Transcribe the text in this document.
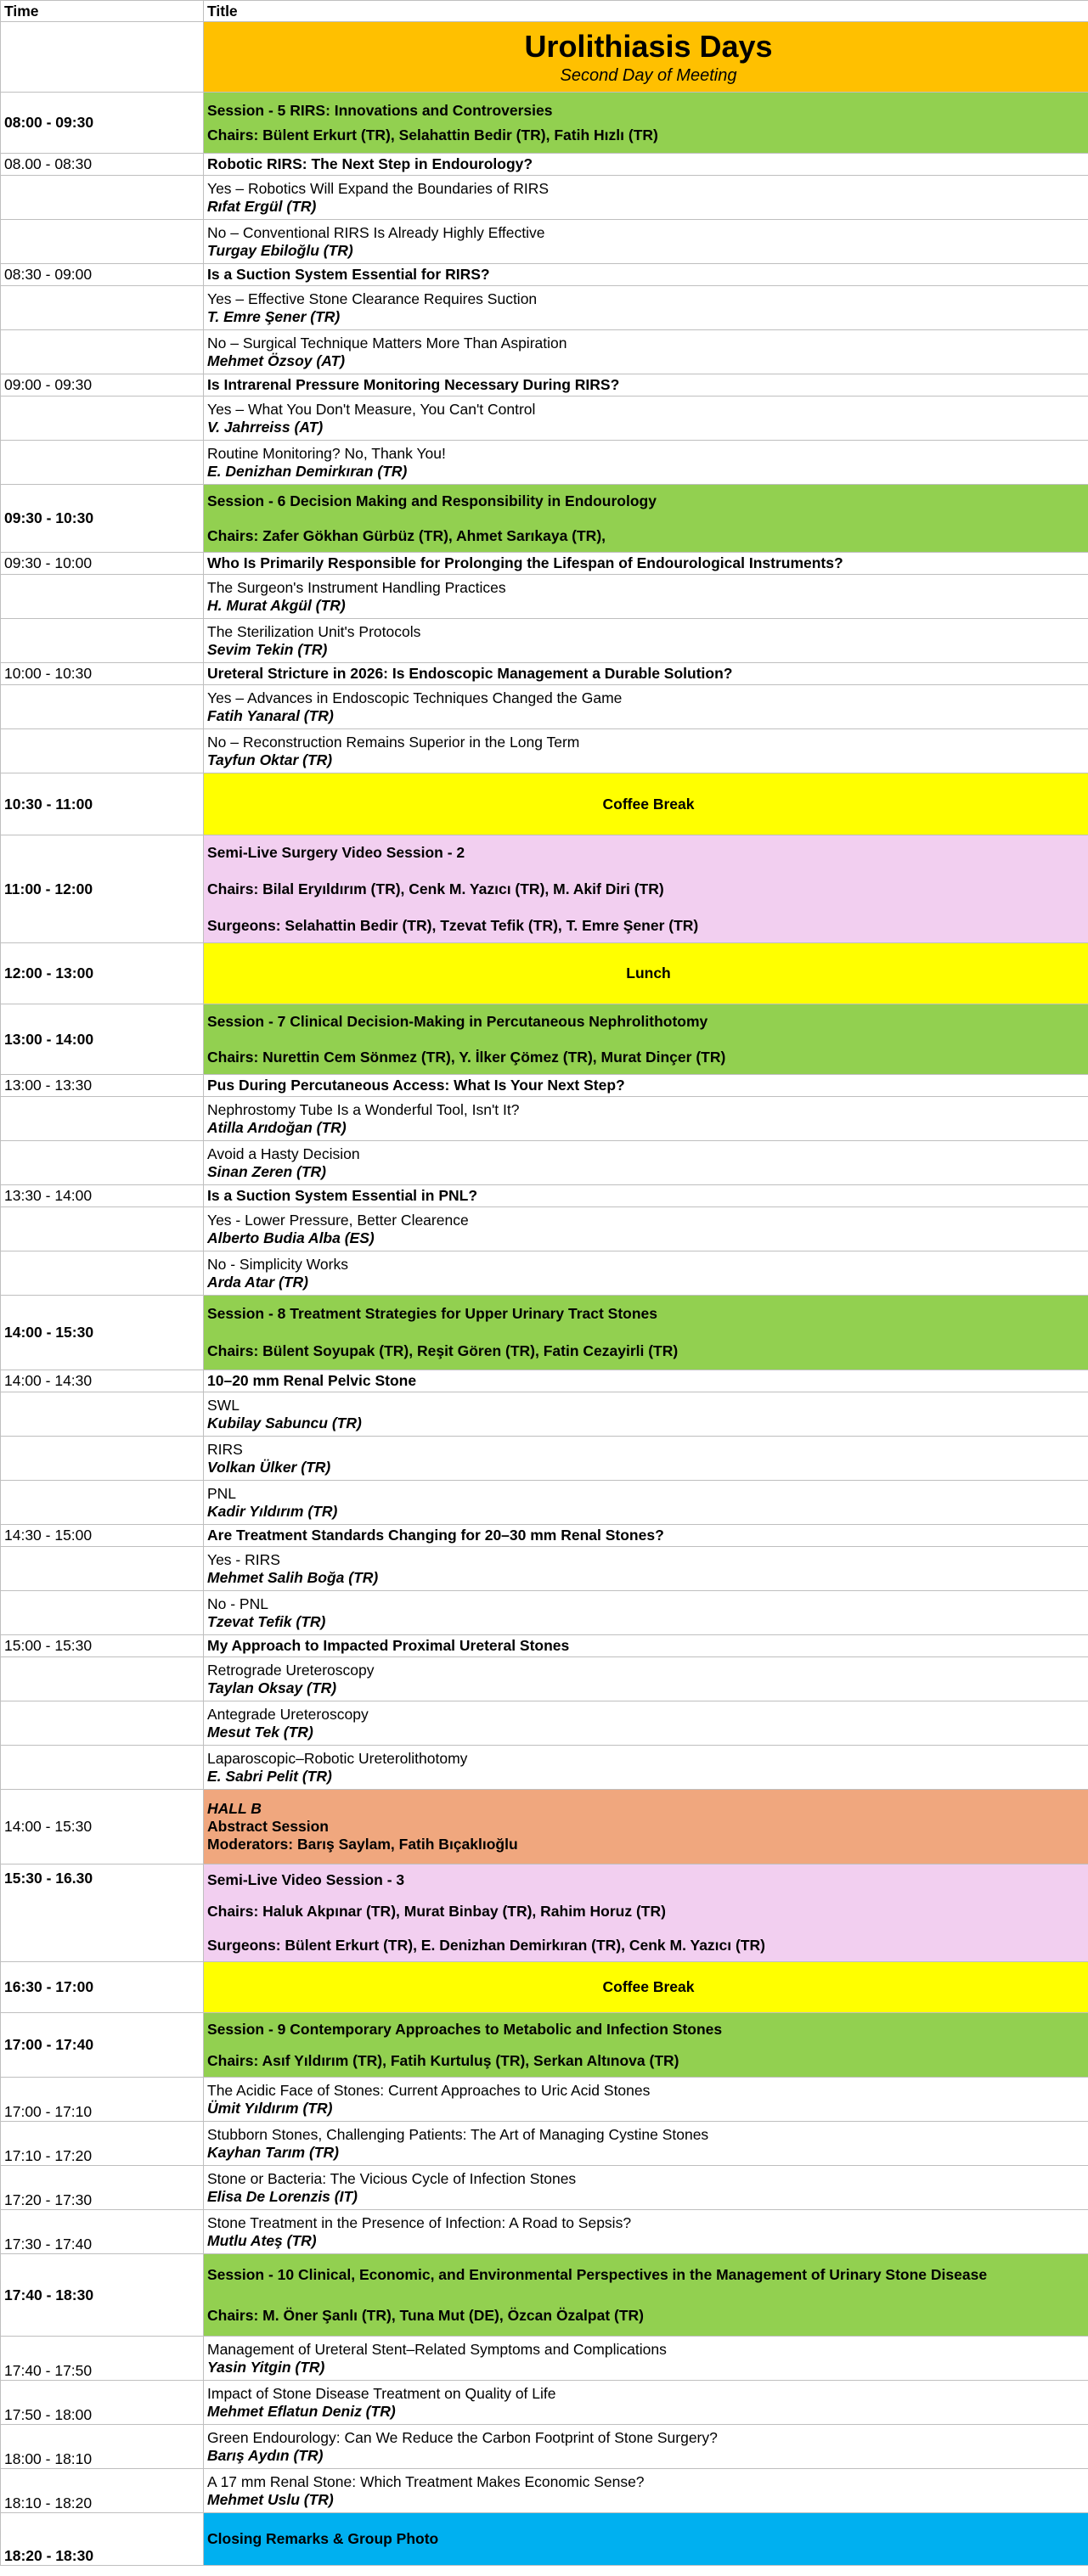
Time	Title

	Urolithiasis Days
Second Day of Meeting

08:00 - 09:30	Session - 5 RIRS: Innovations and Controversies
Chairs: Bülent Erkurt (TR), Selahattin Bedir (TR), Fatih Hızlı (TR)

08.00 - 08:30	Robotic RIRS: The Next Step in Endourology?

	Yes – Robotics Will Expand the Boundaries of RIRS
Rıfat Ergül (TR)

	No – Conventional RIRS Is Already Highly Effective
Turgay Ebiloğlu (TR)

08:30 - 09:00	Is a Suction System Essential for RIRS?

	Yes – Effective Stone Clearance Requires Suction
T. Emre Şener (TR)

	No – Surgical Technique Matters More Than Aspiration
Mehmet Özsoy (AT)

09:00 - 09:30	Is Intrarenal Pressure Monitoring Necessary During RIRS?

	Yes – What You Don't Measure, You Can't Control
V. Jahrreiss (AT)

	Routine Monitoring? No, Thank You!
E. Denizhan Demirkıran (TR)

09:30 - 10:30	Session - 6 Decision Making and Responsibility in Endourology
Chairs: Zafer Gökhan Gürbüz (TR), Ahmet Sarıkaya (TR),

09:30 - 10:00	Who Is Primarily Responsible for Prolonging the Lifespan of Endourological Instruments?

	The Surgeon's Instrument Handling Practices
H. Murat Akgül (TR)

	The Sterilization Unit's Protocols
Sevim Tekin (TR)

10:00 - 10:30	Ureteral Stricture in 2026: Is Endoscopic Management a Durable Solution?

	Yes – Advances in Endoscopic Techniques Changed the Game
Fatih Yanaral (TR)

	No – Reconstruction Remains Superior in the Long Term
Tayfun Oktar (TR)

10:30 - 11:00	Coffee Break
11:00 - 12:00	Semi-Live Surgery Video Session - 2
Chairs: Bilal Eryıldırım (TR), Cenk M. Yazıcı (TR), M. Akif Diri (TR)
Surgeons: Selahattin Bedir (TR), Tzevat Tefik (TR), T. Emre Şener (TR)

12:00 - 13:00	Lunch
13:00 - 14:00	Session - 7 Clinical Decision-Making in Percutaneous Nephrolithotomy
Chairs: Nurettin Cem Sönmez (TR), Y. İlker Çömez (TR), Murat Dinçer (TR)

13:00 - 13:30	Pus During Percutaneous Access: What Is Your Next Step?

	Nephrostomy Tube Is a Wonderful Tool, Isn't It?
Atilla Arıdoğan (TR)

	Avoid a Hasty Decision
Sinan Zeren (TR)

13:30 - 14:00	Is a Suction System Essential in PNL?

	Yes - Lower Pressure, Better Clearence
Alberto Budia Alba (ES)

	No - Simplicity Works
Arda Atar (TR)

14:00 - 15:30	Session - 8 Treatment Strategies for Upper Urinary Tract Stones
Chairs: Bülent Soyupak (TR), Reşit Gören (TR), Fatin Cezayirli (TR)

14:00 - 14:30	10–20 mm Renal Pelvic Stone

	SWL
Kubilay Sabuncu (TR)

	RIRS
Volkan Ülker (TR)

	PNL
Kadir Yıldırım (TR)

14:30 - 15:00	Are Treatment Standards Changing for 20–30 mm Renal Stones?

	Yes - RIRS
Mehmet Salih Boğa (TR)

	No - PNL
Tzevat Tefik (TR)

15:00 - 15:30	My Approach to Impacted Proximal Ureteral Stones

	Retrograde Ureteroscopy
Taylan Oksay (TR)

	Antegrade Ureteroscopy
Mesut Tek (TR)

	Laparoscopic–Robotic Ureterolithotomy
E. Sabri Pelit (TR)

14:00 - 15:30	HALL B
Abstract Session
Moderators: Barış Saylam, Fatih Bıçaklıoğlu

15:30 - 16.30	Semi-Live Video Session - 3
Chairs: Haluk Akpınar (TR), Murat Binbay (TR), Rahim Horuz (TR)
Surgeons: Bülent Erkurt (TR), E. Denizhan Demirkıran (TR), Cenk M. Yazıcı (TR)

16:30 - 17:00	Coffee Break
17:00 - 17:40	Session - 9 Contemporary Approaches to Metabolic and Infection Stones
Chairs: Asıf Yıldırım (TR), Fatih Kurtuluş (TR), Serkan Altınova (TR)

17:00 - 17:10	The Acidic Face of Stones: Current Approaches to Uric Acid Stones
Ümit Yıldırım (TR)

17:10 - 17:20	Stubborn Stones, Challenging Patients: The Art of Managing Cystine Stones
Kayhan Tarım (TR)

17:20 - 17:30	Stone or Bacteria: The Vicious Cycle of Infection Stones
Elisa De Lorenzis (IT)

17:30 - 17:40	Stone Treatment in the Presence of Infection: A Road to Sepsis?
Mutlu Ateş (TR)

17:40 - 18:30	Session - 10 Clinical, Economic, and Environmental Perspectives in the Management of Urinary Stone Disease
Chairs: M. Öner Şanlı (TR), Tuna Mut (DE), Özcan Özalpat (TR)

17:40 - 17:50	Management of Ureteral Stent–Related Symptoms and Complications
Yasin Yitgin (TR)

17:50 - 18:00	Impact of Stone Disease Treatment on Quality of Life
Mehmet Eflatun Deniz (TR)

18:00 - 18:10	Green Endourology: Can We Reduce the Carbon Footprint of Stone Surgery?
Barış Aydın (TR)

18:10 - 18:20	A 17 mm Renal Stone: Which Treatment Makes Economic Sense?
Mehmet Uslu (TR)

18:20 - 18:30	Closing Remarks & Group Photo
